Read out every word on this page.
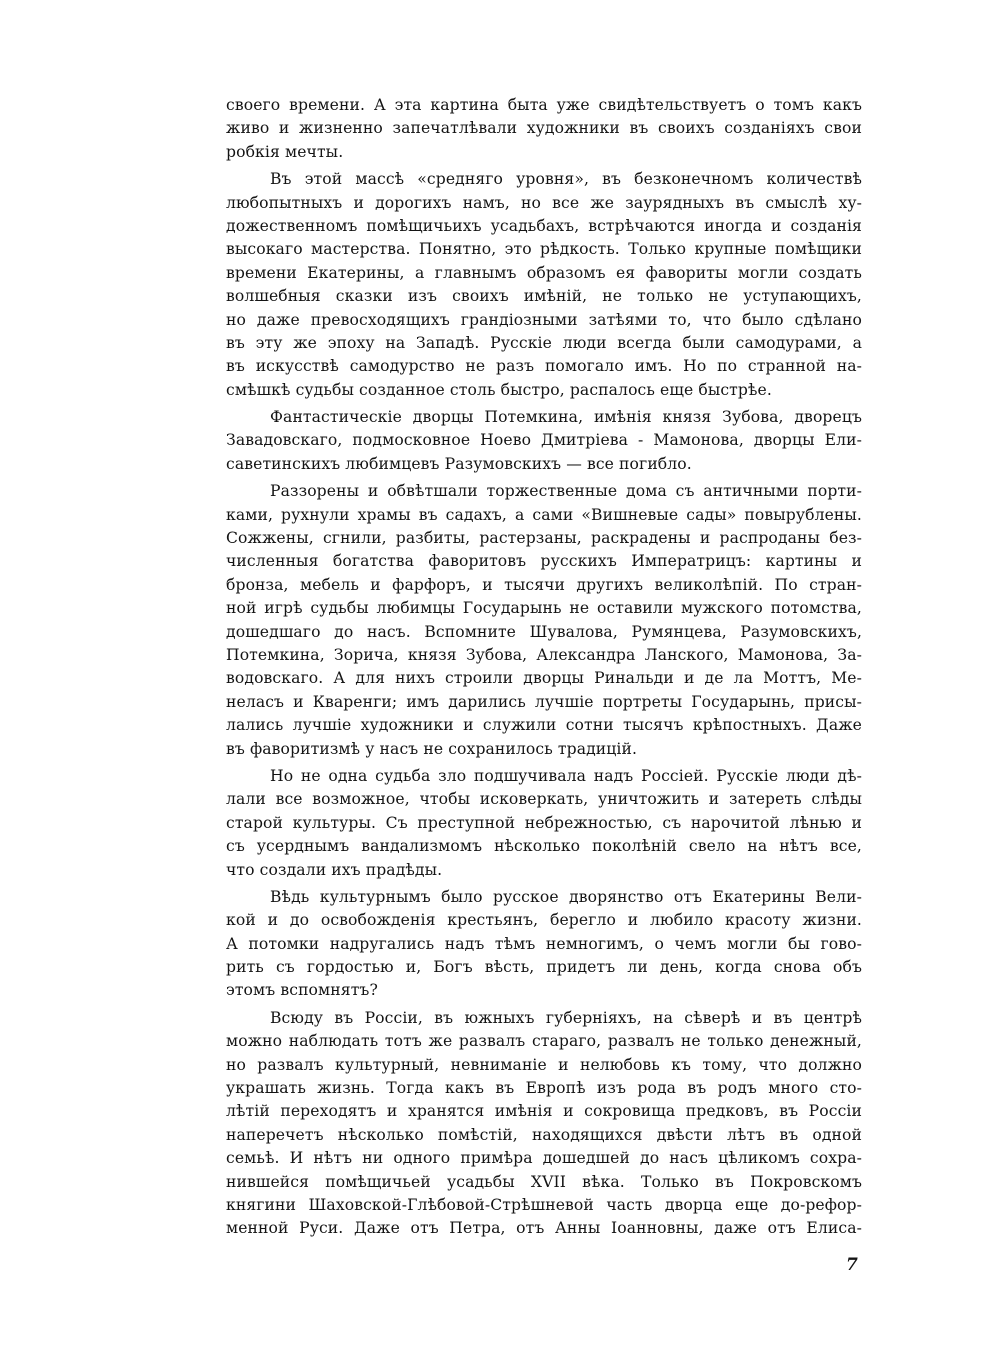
своего времени. А эта картина быта уже свидѣтельствуетъ о томъ какъ
живо и жизненно запечатлѣвали художники въ своихъ созданіяхъ свои
робкія мечты.
Въ этой массѣ «средняго уровня», въ безконечномъ количествѣ
любопытныхъ и дорогихъ намъ, но все же заурядныхъ въ смыслѣ ху-
дожественномъ помѣщичьихъ усадьбахъ, встрѣчаются иногда и созданія
высокаго мастерства. Понятно, это рѣдкость. Только крупные помѣщики
времени Екатерины, а главнымъ образомъ ея фавориты могли создать
волшебныя сказки изъ своихъ имѣній, не только не уступающихъ,
но даже превосходящихъ грандіозными затѣями то, что было сдѣлано
въ эту же эпоху на Западѣ. Русскіе люди всегда были самодурами, а
въ искусствѣ самодурство не разъ помогало имъ. Но по странной на-
смѣшкѣ судьбы созданное столь быстро, распалось еще быстрѣе.
Фантастическіе дворцы Потемкина, имѣнія князя Зубова, дворецъ
Завадовскаго, подмосковное Ноево Дмитріева - Мамонова, дворцы Ели-
саветинскихъ любимцевъ Разумовскихъ — все погибло.
Раззорены и обвѣтшали торжественные дома съ античными порти-
ками, рухнули храмы въ садахъ, а сами «Вишневые сады» повырублены.
Сожжены, сгнили, разбиты, растерзаны, раскрадены и распроданы без-
численныя богатства фаворитовъ русскихъ Императрицъ: картины и
бронза, мебель и фарфоръ, и тысячи другихъ великолѣпій. По стран-
ной игрѣ судьбы любимцы Государынь не оставили мужского потомства,
дошедшаго до насъ. Вспомните Шувалова, Румянцева, Разумовскихъ,
Потемкина, Зорича, князя Зубова, Александра Ланского, Мамонова, За-
водовскаго. А для нихъ строили дворцы Ринальди и де ла Моттъ, Ме-
неласъ и Кваренги; имъ дарились лучшіе портреты Государынь, присы-
лались лучшіе художники и служили сотни тысячъ крѣпостныхъ. Даже
въ фаворитизмѣ у насъ не сохранилось традицій.
Но не одна судьба зло подшучивала надъ Россіей. Русскіе люди дѣ-
лали все возможное, чтобы исковеркать, уничтожить и затереть слѣды
старой культуры. Съ преступной небрежностью, съ нарочитой лѣнью и
съ усерднымъ вандализмомъ нѣсколько поколѣній свело на нѣтъ все,
что создали ихъ прадѣды.
Вѣдь культурнымъ было русское дворянство отъ Екатерины Вели-
кой и до освобожденія крестьянъ, берегло и любило красоту жизни.
А потомки надругались надъ тѣмъ немногимъ, о чемъ могли бы гово-
рить съ гордостью и, Богъ вѣсть, придетъ ли день, когда снова объ
этомъ вспомнятъ?
Всюду въ Россіи, въ южныхъ губерніяхъ, на сѣверѣ и въ центрѣ
можно наблюдать тотъ же развалъ стараго, развалъ не только денежный,
но развалъ культурный, невниманіе и нелюбовь къ тому, что должно
украшать жизнь. Тогда какъ въ Европѣ изъ рода въ родъ много сто-
лѣтій переходятъ и хранятся имѣнія и сокровища предковъ, въ Россіи
наперечетъ нѣсколько помѣстій, находящихся двѣсти лѣтъ въ одной
семьѣ. И нѣтъ ни одного примѣра дошедшей до насъ цѣликомъ сохра-
нившейся помѣщичьей усадьбы XVII вѣка. Только въ Покровскомъ
княгини Шаховской-Глѣбовой-Стрѣшневой часть дворца еще до-рефор-
менной Руси. Даже отъ Петра, отъ Анны Іоанновны, даже отъ Елиса-
7
